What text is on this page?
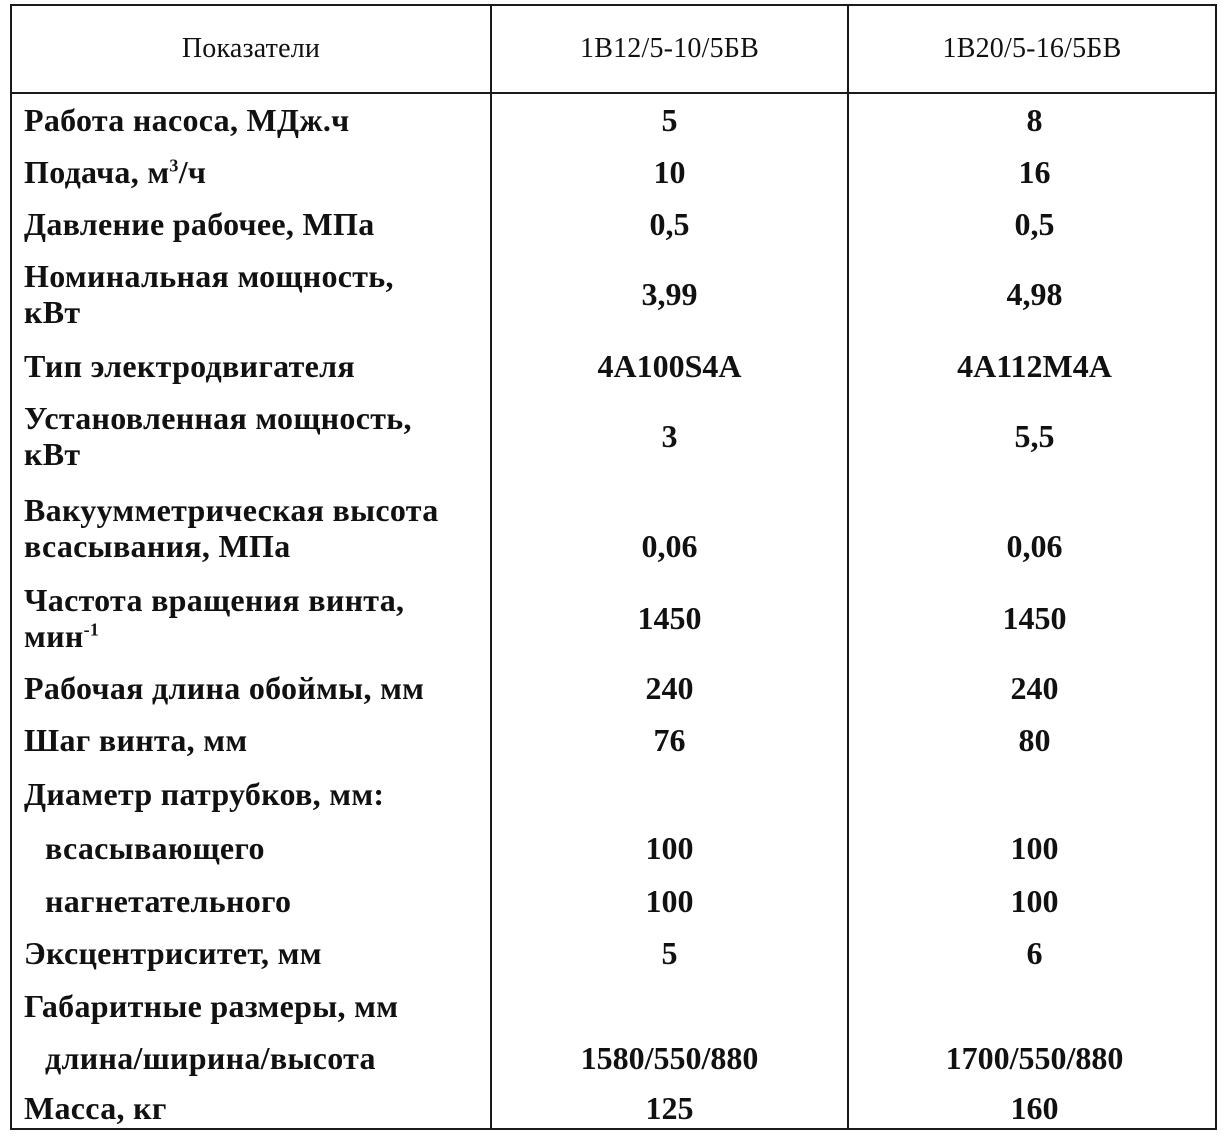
Показатели	1В12/5-10/5БВ	1В20/5-16/5БВ
Работа насоса, МДж.ч	5	8
Подача, $м^3/ч$	10	16
Давление рабочее, МПа	0,5	0,5
Номинальная мощность,
кВт	3,99	4,98
Тип электродвигателя	4А100S4А	4А112М4А
Установленная мощность,
кВт	3	5,5
Вакуумметрическая высота
всасывания, МПа	0,06	0,06
Частота вращения винта,
мин$^{-1}$	1450	1450
Рабочая длина обоймы, мм	240	240
Шаг винта, мм	76	80
Диаметр патрубков, мм:
всасывающего	100	100
нагнетательного	100	100
Эксцентриситет, мм	5	6
Габаритные размеры, мм
длина/ширина/высота	1580/550/880	1700/550/880
Масса, кг	125	160
